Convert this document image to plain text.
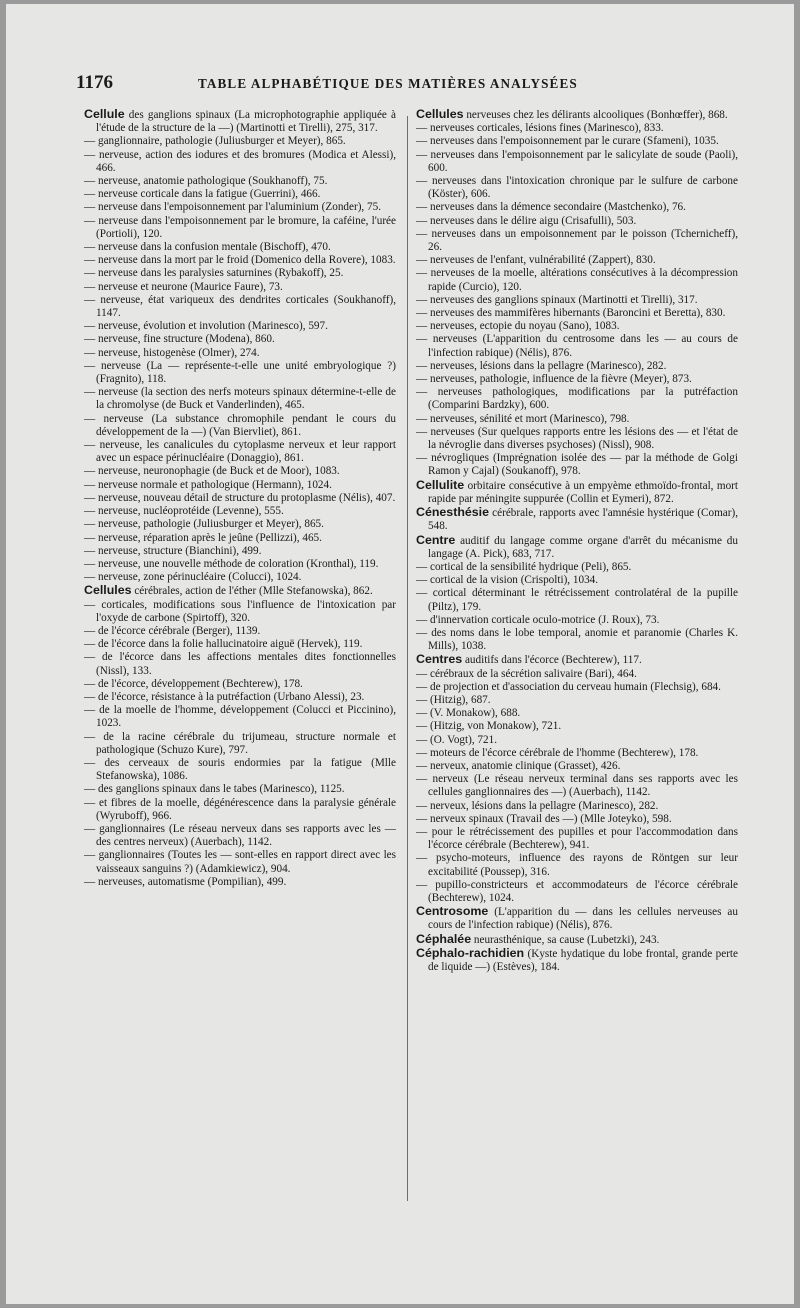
1176	TABLE ALPHABÉTIQUE DES MATIÈRES ANALYSÉES

Cellule des ganglions spinaux (La microphotographie appliquée à l'étude de la structure de la —) (Martinotti et Tirelli), 275, 317.

— ganglionnaire, pathologie (Juliusburger et Meyer), 865.

— nerveuse, action des iodures et des bromures (Modica et Alessi), 466.

— nerveuse, anatomie pathologique (Soukhanoff), 75.

— nerveuse corticale dans la fatigue (Guerrini), 466.

— nerveuse dans l'empoisonnement par l'aluminium (Zonder), 75.

— nerveuse dans l'empoisonnement par le bromure, la caféine, l'urée (Portioli), 120.

— nerveuse dans la confusion mentale (Bischoff), 470.

— nerveuse dans la mort par le froid (Domenico della Rovere), 1083.

— nerveuse dans les paralysies saturnines (Rybakoff), 25.

— nerveuse et neurone (Maurice Faure), 73.

— nerveuse, état variqueux des dendrites corticales (Soukhanoff), 1147.

— nerveuse, évolution et involution (Marinesco), 597.

— nerveuse, fine structure (Modena), 860.

— nerveuse, histogenèse (Olmer), 274.

— nerveuse (La — représente-t-elle une unité embryologique ?) (Fragnito), 118.

— nerveuse (la section des nerfs moteurs spinaux détermine-t-elle de la chromolyse (de Buck et Vanderlinden), 465.

— nerveuse (La substance chromophile pendant le cours du développement de la —) (Van Biervliet), 861.

— nerveuse, les canalicules du cytoplasme nerveux et leur rapport avec un espace périnucléaire (Donaggio), 861.

— nerveuse, neuronophagie (de Buck et de Moor), 1083.

— nerveuse normale et pathologique (Hermann), 1024.

— nerveuse, nouveau détail de structure du protoplasme (Nélis), 407.

— nerveuse, nucléoprotéide (Levenne), 555.

— nerveuse, pathologie (Juliusburger et Meyer), 865.

— nerveuse, réparation après le jeûne (Pellizzi), 465.

— nerveuse, structure (Bianchini), 499.

— nerveuse, une nouvelle méthode de coloration (Kronthal), 119.

— nerveuse, zone périnucléaire (Colucci), 1024.

Cellules cérébrales, action de l'éther (Mlle Stefanowska), 862.

— corticales, modifications sous l'influence de l'intoxication par l'oxyde de carbone (Spirtoff), 320.

— de l'écorce cérébrale (Berger), 1139.

— de l'écorce dans la folie hallucinatoire aiguë (Hervek), 119.

— de l'écorce dans les affections mentales dites fonctionnelles (Nissl), 133.

— de l'écorce, développement (Bechterew), 178.

— de l'écorce, résistance à la putréfaction (Urbano Alessi), 23.

— de la moelle de l'homme, développement (Colucci et Piccinino), 1023.

— de la racine cérébrale du trijumeau, structure normale et pathologique (Schuzo Kure), 797.

— des cerveaux de souris endormies par la fatigue (Mlle Stefanowska), 1086.

— des ganglions spinaux dans le tabes (Marinesco), 1125.

— et fibres de la moelle, dégénérescence dans la paralysie générale (Wyruboff), 966.

— ganglionnaires (Le réseau nerveux dans ses rapports avec les — des centres nerveux) (Auerbach), 1142.

— ganglionnaires (Toutes les — sont-elles en rapport direct avec les vaisseaux sanguins ?) (Adamkiewicz), 904.

— nerveuses, automatisme (Pompilian), 499.

Cellules nerveuses chez les délirants alcooliques (Bonhœffer), 868.

— nerveuses corticales, lésions fines (Marinesco), 833.

— nerveuses dans l'empoisonnement par le curare (Sfameni), 1035.

— nerveuses dans l'empoisonnement par le salicylate de soude (Paoli), 600.

— nerveuses dans l'intoxication chronique par le sulfure de carbone (Köster), 606.

— nerveuses dans la démence secondaire (Mastchenko), 76.

— nerveuses dans le délire aigu (Crisafulli), 503.

— nerveuses dans un empoisonnement par le poisson (Tchernicheff), 26.

— nerveuses de l'enfant, vulnérabilité (Zappert), 830.

— nerveuses de la moelle, altérations consécutives à la décompression rapide (Curcio), 120.

— nerveuses des ganglions spinaux (Martinotti et Tirelli), 317.

— nerveuses des mammifères hibernants (Baroncini et Beretta), 830.

— nerveuses, ectopie du noyau (Sano), 1083.

— nerveuses (L'apparition du centrosome dans les — au cours de l'infection rabique) (Nélis), 876.

— nerveuses, lésions dans la pellagre (Marinesco), 282.

— nerveuses, pathologie, influence de la fièvre (Meyer), 873.

— nerveuses pathologiques, modifications par la putréfaction (Comparini Bardzky), 600.

— nerveuses, sénilité et mort (Marinesco), 798.

— nerveuses (Sur quelques rapports entre les lésions des — et l'état de la névroglie dans diverses psychoses) (Nissl), 908.

— névrogliques (Imprégnation isolée des — par la méthode de Golgi Ramon y Cajal) (Soukanoff), 978.

Cellulite orbitaire consécutive à un empyème ethmoïdo-frontal, mort rapide par méningite suppurée (Collin et Eymeri), 872.

Cénesthésie cérébrale, rapports avec l'amnésie hystérique (Comar), 548.

Centre auditif du langage comme organe d'arrêt du mécanisme du langage (A. Pick), 683, 717.

— cortical de la sensibilité hydrique (Peli), 865.

— cortical de la vision (Crispolti), 1034.

— cortical déterminant le rétrécissement controlatéral de la pupille (Piltz), 179.

— d'innervation corticale oculo-motrice (J. Roux), 73.

— des noms dans le lobe temporal, anomie et paranomie (Charles K. Mills), 1038.

Centres auditifs dans l'écorce (Bechterew), 117.

— cérébraux de la sécrétion salivaire (Bari), 464.

— de projection et d'association du cerveau humain (Flechsig), 684.

— (Hitzig), 687.

— (V. Monakow), 688.

— (Hitzig, von Monakow), 721.

— (O. Vogt), 721.

— moteurs de l'écorce cérébrale de l'homme (Bechterew), 178.

— nerveux, anatomie clinique (Grasset), 426.

— nerveux (Le réseau nerveux terminal dans ses rapports avec les cellules ganglionnaires des —) (Auerbach), 1142.

— nerveux, lésions dans la pellagre (Marinesco), 282.

— nerveux spinaux (Travail des —) (Mlle Joteyko), 598.

— pour le rétrécissement des pupilles et pour l'accommodation dans l'écorce cérébrale (Bechterew), 941.

— psycho-moteurs, influence des rayons de Röntgen sur leur excitabilité (Poussep), 316.

— pupillo-constricteurs et accommodateurs de l'écorce cérébrale (Bechterew), 1024.

Centrosome (L'apparition du — dans les cellules nerveuses au cours de l'infection rabique) (Nélis), 876.

Céphalée neurasthénique, sa cause (Lubetzki), 243.

Céphalo-rachidien (Kyste hydatique du lobe frontal, grande perte de liquide —) (Estèves), 184.
